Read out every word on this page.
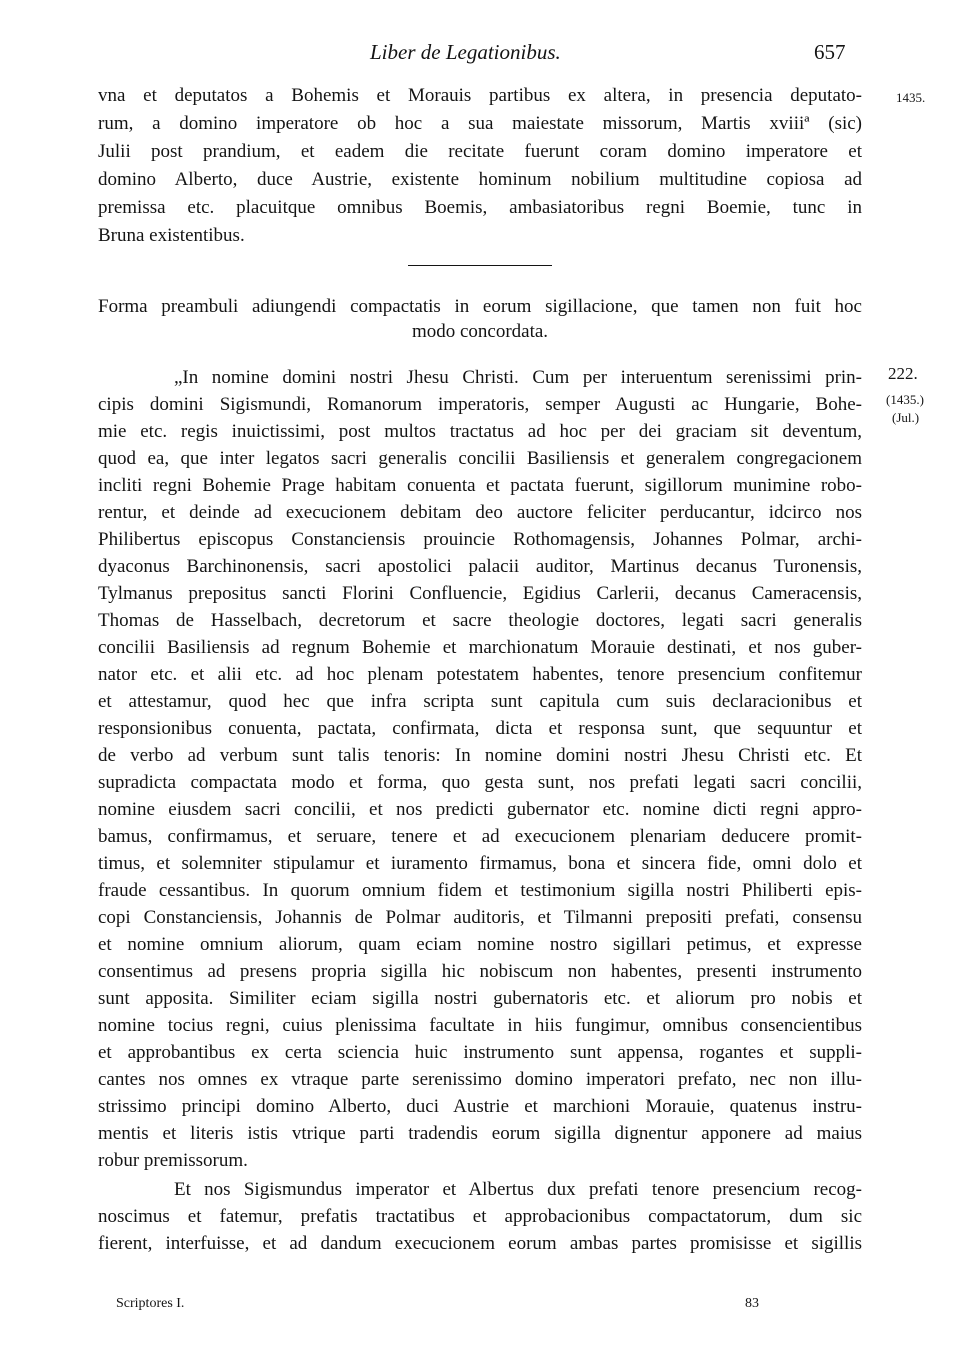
Liber de Legationibus.	657
1435.
222.
(1435.)
(Jul.)
vna et deputatos a Bohemis et Morauis partibus ex altera, in presencia deputato-
rum, a domino imperatore ob hoc a sua maiestate missorum, Martis xviiiª (sic)
Julii post prandium, et eadem die recitate fuerunt coram domino imperatore et
domino Alberto, duce Austrie, existente hominum nobilium multitudine copiosa ad
premissa etc. placuitque omnibus Boemis, ambasiatoribus regni Boemie, tunc in
Bruna existentibus.
Forma preambuli adiungendi compactatis in eorum sigillacione, que tamen non fuit hoc
modo concordata.
„In nomine domini nostri Jhesu Christi. Cum per interuentum serenissimi prin-
cipis domini Sigismundi, Romanorum imperatoris, semper Augusti ac Hungarie, Bohe-
mie etc. regis inuictissimi, post multos tractatus ad hoc per dei graciam sit deventum,
quod ea, que inter legatos sacri generalis concilii Basiliensis et generalem congregacionem
incliti regni Bohemie Prage habitam conuenta et pactata fuerunt, sigillorum munimine robo-
rentur, et deinde ad execucionem debitam deo auctore feliciter perducantur, idcirco nos
Philibertus episcopus Constanciensis prouincie Rothomagensis, Johannes Polmar, archi-
dyaconus Barchinonensis, sacri apostolici palacii auditor, Martinus decanus Turonensis,
Tylmanus prepositus sancti Florini Confluencie, Egidius Carlerii, decanus Cameracensis,
Thomas de Hasselbach, decretorum et sacre theologie doctores, legati sacri generalis
concilii Basiliensis ad regnum Bohemie et marchionatum Morauie destinati, et nos guber-
nator etc. et alii etc. ad hoc plenam potestatem habentes, tenore presencium confitemur
et attestamur, quod hec que infra scripta sunt capitula cum suis declaracionibus et
responsionibus conuenta, pactata, confirmata, dicta et responsa sunt, que sequuntur et
de verbo ad verbum sunt talis tenoris: In nomine domini nostri Jhesu Christi etc. Et
supradicta compactata modo et forma, quo gesta sunt, nos prefati legati sacri concilii,
nomine eiusdem sacri concilii, et nos predicti gubernator etc. nomine dicti regni appro-
bamus, confirmamus, et seruare, tenere et ad execucionem plenariam deducere promit-
timus, et solemniter stipulamur et iuramento firmamus, bona et sincera fide, omni dolo et
fraude cessantibus. In quorum omnium fidem et testimonium sigilla nostri Philiberti epis-
copi Constanciensis, Johannis de Polmar auditoris, et Tilmanni prepositi prefati, consensu
et nomine omnium aliorum, quam eciam nomine nostro sigillari petimus, et expresse
consentimus ad presens propria sigilla hic nobiscum non habentes, presenti instrumento
sunt apposita. Similiter eciam sigilla nostri gubernatoris etc. et aliorum pro nobis et
nomine tocius regni, cuius plenissima facultate in hiis fungimur, omnibus consencientibus
et approbantibus ex certa sciencia huic instrumento sunt appensa, rogantes et suppli-
cantes nos omnes ex vtraque parte serenissimo domino imperatori prefato, nec non illu-
strissimo principi domino Alberto, duci Austrie et marchioni Morauie, quatenus instru-
mentis et literis istis vtrique parti tradendis eorum sigilla dignentur apponere ad maius
robur premissorum.
Et nos Sigismundus imperator et Albertus dux prefati tenore presencium recog-
noscimus et fatemur, prefatis tractatibus et approbacionibus compactatorum, dum sic
fierent, interfuisse, et ad dandum execucionem eorum ambas partes promisisse et sigillis
Scriptores I.	83
